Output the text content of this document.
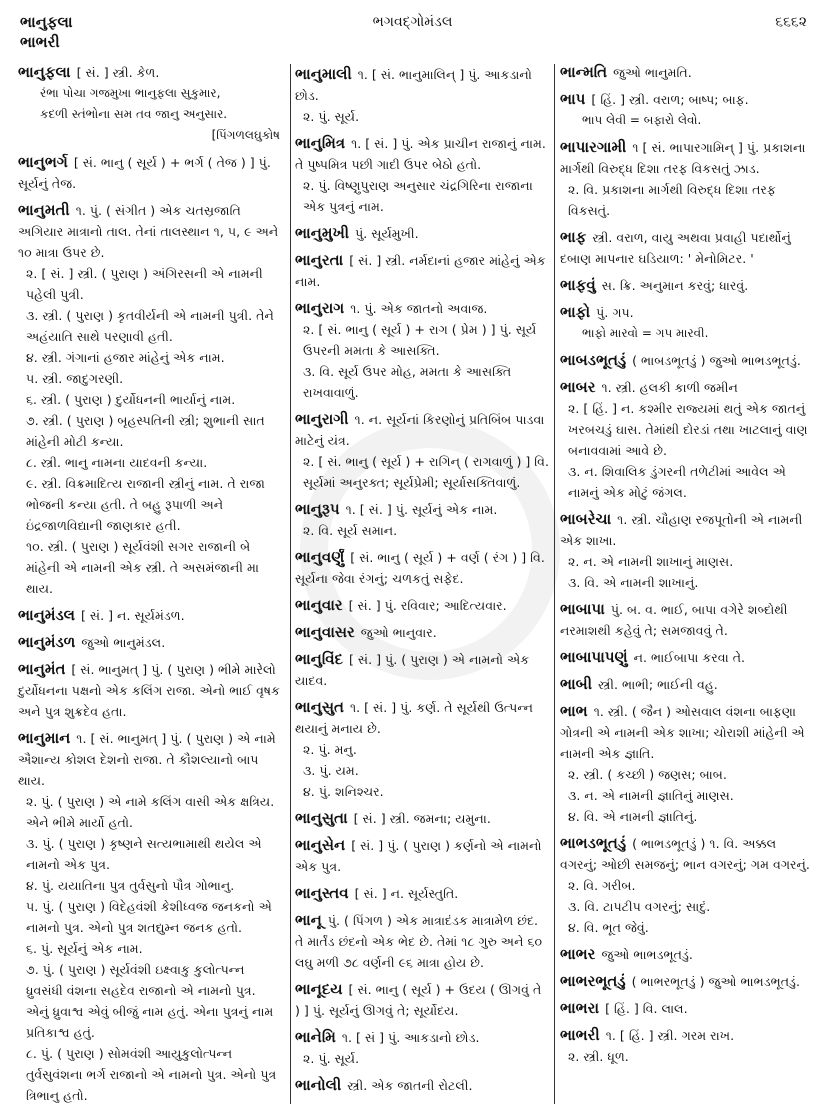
ભાનુફલા
ભાભરી
ભગવદ્ગોમંડલ	૬૬૬૨
ભાનુફલા [ સં. ] સ્ત્રી. કેળ.
રંભા પોચા ગજમુખા ભાનુફલા સુકુમાર,
કદળી સ્તંભોના સમ તવ જાનુ અનુસાર.
[પિંગળલઘુકોષ
ભાનુભર્ગ [ સં. ભાનુ ( સૂર્ય ) + ભર્ગ ( તેજ ) ] પું. સૂર્યનું તેજ.
ભાનુમતી ૧. પું. ( સંગીત ) એક ચતસ્રજાતિ અગિયાર માત્રાનો તાલ. તેનાં તાલસ્થાન ૧, ૫, ૯ અને ૧૦ માત્રા ઉપર છે.
૨. [ સં. ] સ્ત્રી. ( પુરાણ ) અંગિરસની એ નામની પહેલી પુત્રી.
૩. સ્ત્રી. ( પુરાણ ) કૃતવીર્યની એ નામની પુત્રી. તેને અહંયાતિ સાથે પરણાવી હતી.
૪. સ્ત્રી. ગંગાનાં હજાર માંહેનું એક નામ.
૫. સ્ત્રી. જાદુગરણી.
૬. સ્ત્રી. ( પુરાણ ) દુર્યોધનની ભાર્યાનું નામ.
૭. સ્ત્રી. ( પુરાણ ) બૃહસ્પતિની સ્ત્રી; શુભાની સાત માંહેની મોટી કન્યા.
૮. સ્ત્રી. ભાનુ નામના યાદવની કન્યા.
૯. સ્ત્રી. વિક્રમાદિત્ય રાજાની સ્ત્રીનું નામ. તે રાજા ભોજની કન્યા હતી. તે બહુ રૂપાળી અને ઇંદ્રજાળવિદ્યાની જાણકાર હતી.
૧૦. સ્ત્રી. ( પુરાણ ) સૂર્યવંશી સગર રાજાની બે માંહેની એ નામની એક સ્ત્રી. તે અસમંજાની મા થાય.
ભાનુમંડલ [ સં. ] ન. સૂર્યમંડળ.
ભાનુમંડળ જુઓ ભાનુમંડલ.
ભાનુમંત [ સં. ભાનુમત્ ] પું. ( પુરાણ ) ભીમે મારેલો દુર્યોધનના પક્ષનો એક કલિંગ રાજા. એનો ભાઈ વૃષક અને પુત્ર શુક્રદેવ હતા.
ભાનુમાન ૧. [ સં. ભાનુમત્ ] પું. ( પુરાણ ) એ નામે ઐશાન્ય કોશલ દેશનો રાજા. તે કૌશલ્યાનો બાપ થાય.
૨. પું. ( પુરાણ ) એ નામે કલિંગ વાસી એક ક્ષત્રિય. એને ભીમે માર્યો હતો.
૩. પું. ( પુરાણ ) કૃષ્ણને સત્યભામાથી થયેલ એ નામનો એક પુત્ર.
૪. પું. યયાતિના પુત્ર તુર્વસુનો પૌત્ર ગોભાનુ.
૫. પું. ( પુરાણ ) વિદેહવંશી કેશીધ્વજ જનકનો એ નામનો પુત્ર. એનો પુત્ર શતદ્યુમ્ન જનક હતો.
૬. પું. સૂર્યનું એક નામ.
૭. પું. ( પુરાણ ) સૂર્યવંશી ઇક્ષ્વાકુ કુલોત્પન્ન ધ્રુવસંધી વંશના સહદેવ રાજાનો એ નામનો પુત્ર. એનું ધ્રુવાશ્વ એવું બીજું નામ હતું. એના પુત્રનું નામ પ્રતિકાશ્વ હતું.
૮. પું. ( પુરાણ ) સોમવંશી આયુકુલોત્પન્ન તુર્વસુવંશના ભર્ગ રાજાનો એ નામનો પુત્ર. એનો પુત્ર ત્રિભાનુ હતો.
ભાનુમાલી ૧. [ સં. ભાનુમાલિન્ ] પું. આકડાનો છોડ.
૨. પું. સૂર્ય.
ભાનુમિત્ર ૧. [ સં. ] પું. એક પ્રાચીન રાજાનું નામ. તે પુષ્પમિત્ર પછી ગાદી ઉપર બેઠો હતો.
૨. પું. વિષ્ણુપુરાણ અનુસાર ચંદ્રગિરિના રાજાના એક પુત્રનું નામ.
ભાનુમુખી પું. સૂર્યમુખી.
ભાનુરતા [ સં. ] સ્ત્રી. નર્મદાનાં હજાર માંહેનું એક નામ.
ભાનુરાગ ૧. પું. એક જાતનો અવાજ.
૨. [ સં. ભાનુ ( સૂર્ય ) + રાગ ( પ્રેમ ) ] પું. સૂર્ય ઉપરની મમતા કે આસક્તિ.
૩. વિ. સૂર્ય ઉપર મોહ, મમતા કે આસક્તિ રાખવાવાળું.
ભાનુરાગી ૧. ન. સૂર્યનાં કિરણોનું પ્રતિબિંબ પાડવા માટેનું યંત્ર.
૨. [ સં. ભાનુ ( સૂર્ય ) + રાગિન્ ( રાગવાળું ) ] વિ. સૂર્યમાં અનુરક્ત; સૂર્યપ્રેમી; સૂર્યાસક્તિવાળું.
ભાનુરૂપ ૧. [ સં. ] પું. સૂર્યનું એક નામ.
૨. વિ. સૂર્ય સમાન.
ભાનુવર્ણું [ સં. ભાનુ ( સૂર્ય ) + વર્ણ ( રંગ ) ] વિ. સૂર્યના જેવા રંગનું; ચળકતું સફેદ.
ભાનુવાર [ સં. ] પું. રવિવાર; આદિત્યવાર.
ભાનુવાસર જુઓ ભાનુવાર.
ભાનુવિંદ [ સં. ] પું. ( પુરાણ ) એ નામનો એક યાદવ.
ભાનુસુત ૧. [ સં. ] પું. કર્ણ. તે સૂર્યથી ઉત્પન્ન થયાનું મનાય છે.
૨. પું. મનુ.
૩. પું. યમ.
૪. પું. શનિશ્ચર.
ભાનુસુતા [ સં. ] સ્ત્રી. જમના; યમુના.
ભાનુસેન [ સં. ] પું. ( પુરાણ ) કર્ણનો એ નામનો એક પુત્ર.
ભાનુસ્તવ [ સં. ] ન. સૂર્યસ્તુતિ.
ભાનૂ પું. ( પિંગળ ) એક માત્રાદંડક માત્રામેળ છંદ. તે માર્તંડ છંદનો એક ભેદ છે. તેમાં ૧૮ ગુરુ અને ૬૦ લઘુ મળી ૭૮ વર્ણની ૯૬ માત્રા હોય છે.
ભાનૂદય [ સં. ભાનુ ( સૂર્ય ) + ઉદય ( ઊગવું તે ) ] પું. સૂર્યનું ઊગવું તે; સૂર્યોદય.
ભાનેમિ ૧. [ સં ] પું. આકડાનો છોડ.
૨. પું. સૂર્ય.
ભાનોલી સ્ત્રી. એક જાતની રોટલી.
ભાન્મતિ જુઓ ભાનુમતિ.
ભાપ [ હિં. ] સ્ત્રી. વરાળ; બાષ્પ; બાફ.
ભાપ લેવી = બફારો લેવો.
ભાપારગામી ૧ [ સં. ભાપારગામિન્ ] પું. પ્રકાશના માર્ગથી વિરુદ્ધ દિશા તરફ વિકસતું ઝાડ.
૨. વિ. પ્રકાશના માર્ગથી વિરુદ્ધ દિશા તરફ વિકસતું.
ભાફ સ્ત્રી. વરાળ, વાયુ અથવા પ્રવાહી પદાર્થોનું દબાણ માપનાર ઘડિયાળ: ' મેનોમિટર. '
ભાફવું સ. ક્રિ. અનુમાન કરવું; ધારવું.
ભાફો પું. ગપ.
ભાફો મારવો = ગપ મારવી.
ભાબડભૂતડું ( ભાબડભૂતડું ) જુઓ ભાભડભૂતડું.
ભાબર ૧. સ્ત્રી. હલકી કાળી જમીન
૨. [ હિં. ] ન. કશ્મીર રાજ્યમાં થતું એક જાતનું ખરબચડું ઘાસ. તેમાંથી દોરડાં તથા ખાટલાનું વાણ બનાવવામાં આવે છે.
૩. ન. શિવાલિક ડુંગરની તળેટીમાં આવેલ એ નામનું એક મોટું જંગલ.
ભાબરેચા ૧. સ્ત્રી. ચૌહાણ રજપૂતોની એ નામની એક શાખા.
૨. ન. એ નામની શાખાનું માણસ.
૩. વિ. એ નામની શાખાનું.
ભાબાપા પું. બ. વ. ભાઈ, બાપા વગેરે શબ્દોથી નરમાશથી કહેવું તે; સમજાવવું તે.
ભાબાપાપણું ન. ભાઈબાપા કરવા તે.
ભાબી સ્ત્રી. ભાભી; ભાઈની વહુ.
ભાભ ૧. સ્ત્રી. ( જૈન ) ઓસવાલ વંશના બાફણા ગોત્રની એ નામની એક શાખા; ચોરાશી માંહેની એ નામની એક જ્ઞાતિ.
૨. સ્ત્રી. ( કચ્છી ) જણસ; બાબ.
૩. ન. એ નામની જ્ઞાતિનું માણસ.
૪. વિ. એ નામની જ્ઞાતિનું.
ભાભડભૂતડું ( ભાભડભૂતડું ) ૧. વિ. અક્કલ વગરનું; ઓછી સમજનું; ભાન વગરનું; ગમ વગરનું.
૨. વિ. ગરીબ.
૩. વિ. ટાપટીપ વગરનું; સાદું.
૪. વિ. ભૂત જેવું.
ભાભર જુઓ ભાભડભૂતડું.
ભાભરભૂતડું ( ભાભરભૂતડું ) જુઓ ભાભડભૂતડું.
ભાભરા [ હિં. ] વિ. લાલ.
ભાભરી ૧. [ હિં. ] સ્ત્રી. ગરમ રાખ.
૨. સ્ત્રી. ધૂળ.
